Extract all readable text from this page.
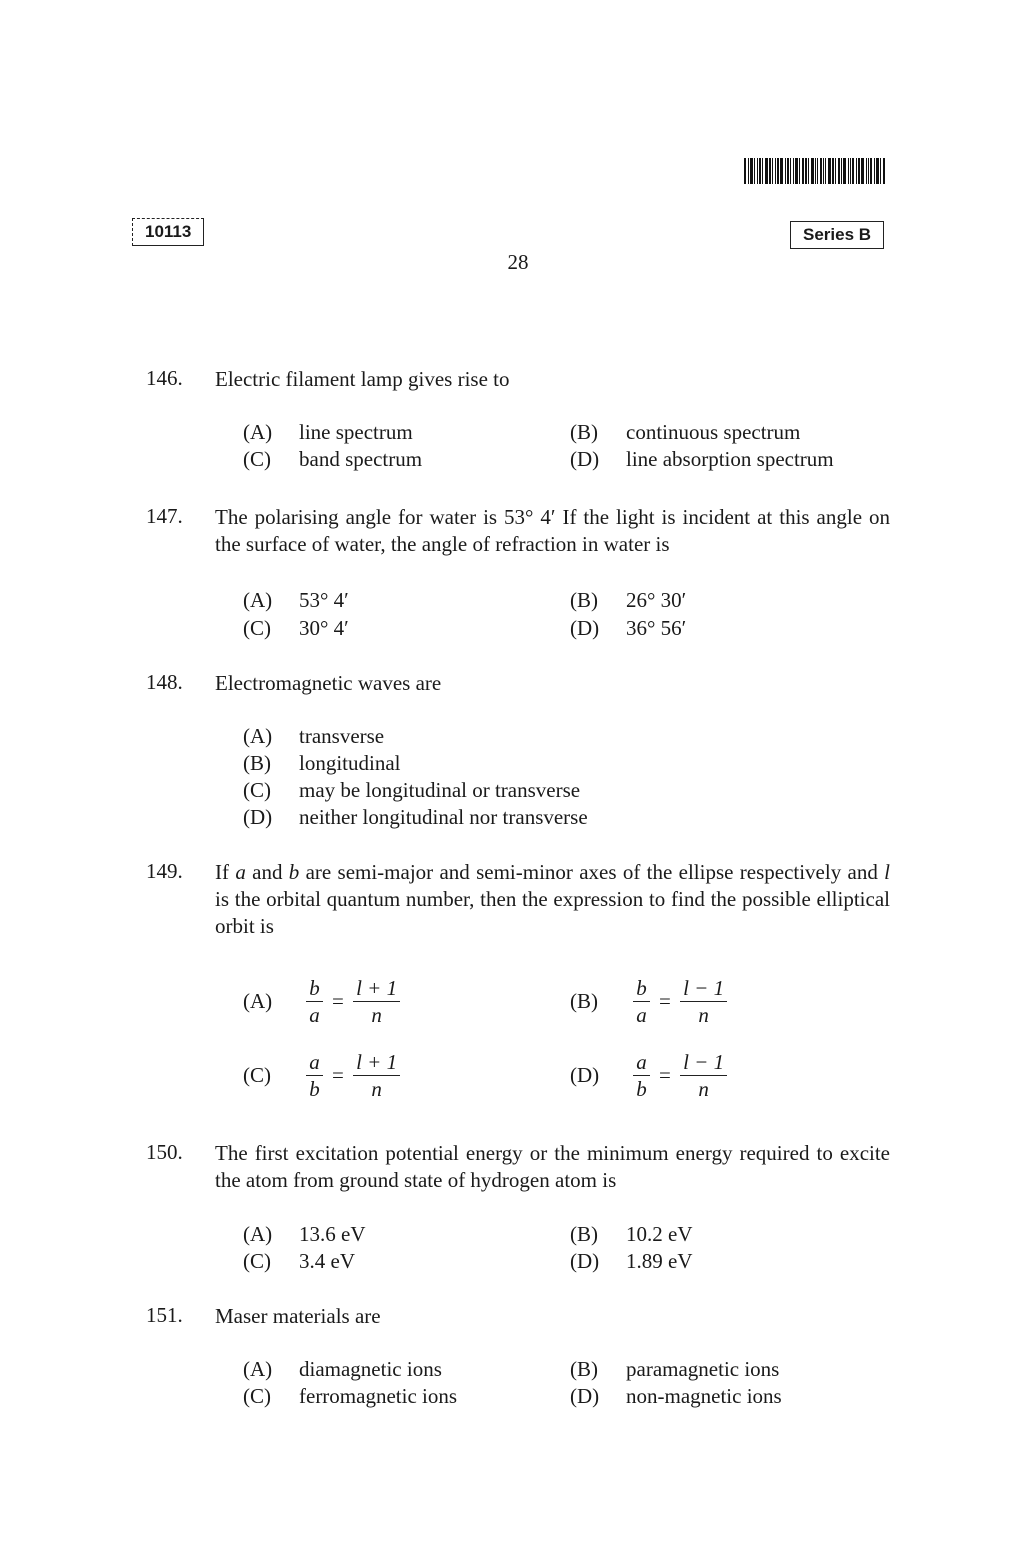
10113	Series B
28
146. Electric filament lamp gives rise to
(A) line spectrum	(B) continuous spectrum
(C) band spectrum	(D) line absorption spectrum
147. The polarising angle for water is 53° 4′ If the light is incident at this angle on the surface of water, the angle of refraction in water is
(A) 53° 4′	(B) 26° 30′
(C) 30° 4′	(D) 36° 56′
148. Electromagnetic waves are
(A) transverse
(B) longitudinal
(C) may be longitudinal or transverse
(D) neither longitudinal nor transverse
149. If a and b are semi-major and semi-minor axes of the ellipse respectively and l is the orbital quantum number, then the expression to find the possible elliptical orbit is
$(A) \frac{b}{a} = \frac{l + 1}{n}$	$(B) \frac{b}{a} = \frac{l - 1}{n}$
$(C) \frac{a}{b} = \frac{l + 1}{n}$	$(D) \frac{a}{b} = \frac{l - 1}{n}$
150. The first excitation potential energy or the minimum energy required to excite the atom from ground state of hydrogen atom is
(A) 13.6 eV	(B) 10.2 eV
(C) 3.4 eV	(D) 1.89 eV
151. Maser materials are
(A) diamagnetic ions	(B) paramagnetic ions
(C) ferromagnetic ions	(D) non-magnetic ions
